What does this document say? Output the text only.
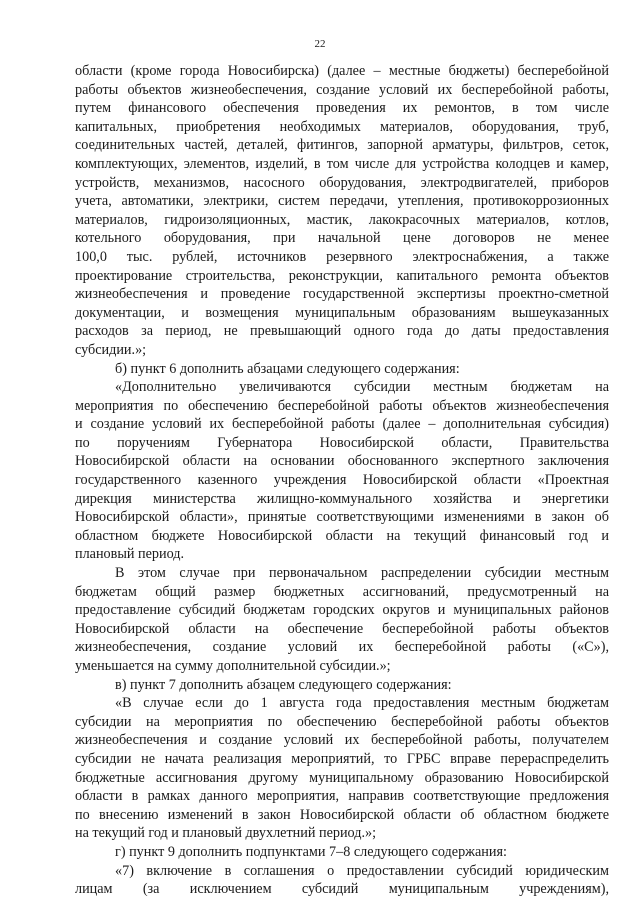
22
области (кроме города Новосибирска) (далее – местные бюджеты) бесперебойной
работы объектов жизнеобеспечения, создание условий их бесперебойной работы,
путем финансового обеспечения проведения их ремонтов, в том числе
капитальных, приобретения необходимых материалов, оборудования, труб,
соединительных частей, деталей, фитингов, запорной арматуры, фильтров, сеток,
комплектующих, элементов, изделий, в том числе для устройства колодцев и камер,
устройств, механизмов, насосного оборудования, электродвигателей, приборов
учета, автоматики, электрики, систем передачи, утепления, противокоррозионных
материалов, гидроизоляционных, мастик, лакокрасочных материалов, котлов,
котельного оборудования, при начальной цене договоров не менее
100,0 тыс. рублей, источников резервного электроснабжения, а также
проектирование строительства, реконструкции, капитального ремонта объектов
жизнеобеспечения и проведение государственной экспертизы проектно-сметной
документации, и возмещения муниципальным образованиям вышеуказанных
расходов за период, не превышающий одного года до даты предоставления
субсидии.»;
б) пункт 6 дополнить абзацами следующего содержания:
«Дополнительно увеличиваются субсидии местным бюджетам на
мероприятия по обеспечению бесперебойной работы объектов жизнеобеспечения
и создание условий их бесперебойной работы (далее – дополнительная субсидия)
по поручениям Губернатора Новосибирской области, Правительства
Новосибирской области на основании обоснованного экспертного заключения
государственного казенного учреждения Новосибирской области «Проектная
дирекция министерства жилищно-коммунального хозяйства и энергетики
Новосибирской области», принятые соответствующими изменениями в закон об
областном бюджете Новосибирской области на текущий финансовый год и
плановый период.
В этом случае при первоначальном распределении субсидии местным
бюджетам общий размер бюджетных ассигнований, предусмотренный на
предоставление субсидий бюджетам городских округов и муниципальных районов
Новосибирской области на обеспечение бесперебойной работы объектов
жизнеобеспечения, создание условий их бесперебойной работы («С»),
уменьшается на сумму дополнительной субсидии.»;
в) пункт 7 дополнить абзацем следующего содержания:
«В случае если до 1 августа года предоставления местным бюджетам
субсидии на мероприятия по обеспечению бесперебойной работы объектов
жизнеобеспечения и создание условий их бесперебойной работы, получателем
субсидии не начата реализация мероприятий, то ГРБС вправе перераспределить
бюджетные ассигнования другому муниципальному образованию Новосибирской
области в рамках данного мероприятия, направив соответствующие предложения
по внесению изменений в закон Новосибирской области об областном бюджете
на текущий год и плановый двухлетний период.»;
г) пункт 9 дополнить подпунктами 7–8 следующего содержания:
«7) включение в соглашения о предоставлении субсидий юридическим
лицам (за исключением субсидий муниципальным учреждениям),
